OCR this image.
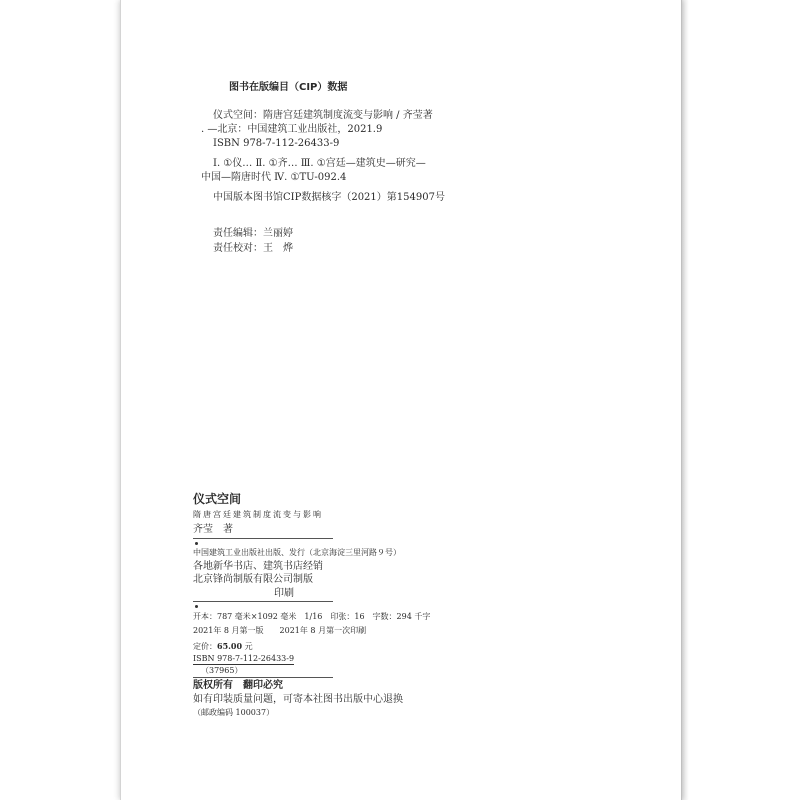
图书在版编目（CIP）数据
仪式空间：隋唐宫廷建筑制度流变与影响 / 齐莹著
. —北京：中国建筑工业出版社，2021.9
ISBN 978-7-112-26433-9
Ⅰ. ①仪… Ⅱ. ①齐… Ⅲ. ①宫廷—建筑史—研究—
中国—隋唐时代 Ⅳ. ①TU-092.4
中国版本图书馆CIP数据核字（2021）第154907号
责任编辑：兰丽婷
责任校对：王　烨
仪式空间
隋唐宫廷建筑制度流变与影响
齐莹　著
中国建筑工业出版社出版、发行（北京海淀三里河路９号）
各地新华书店、建筑书店经销
北京锋尚制版有限公司制版
印刷
开本：787 毫米×1092 毫米　1/16　印张：16　字数：294 千字
2021年 8 月第一版　　2021年 8 月第一次印刷
定价：65.00 元
ISBN 978-7-112-26433-9
（37965）
版权所有　翻印必究
如有印装质量问题，可寄本社图书出版中心退换
（邮政编码 100037）
